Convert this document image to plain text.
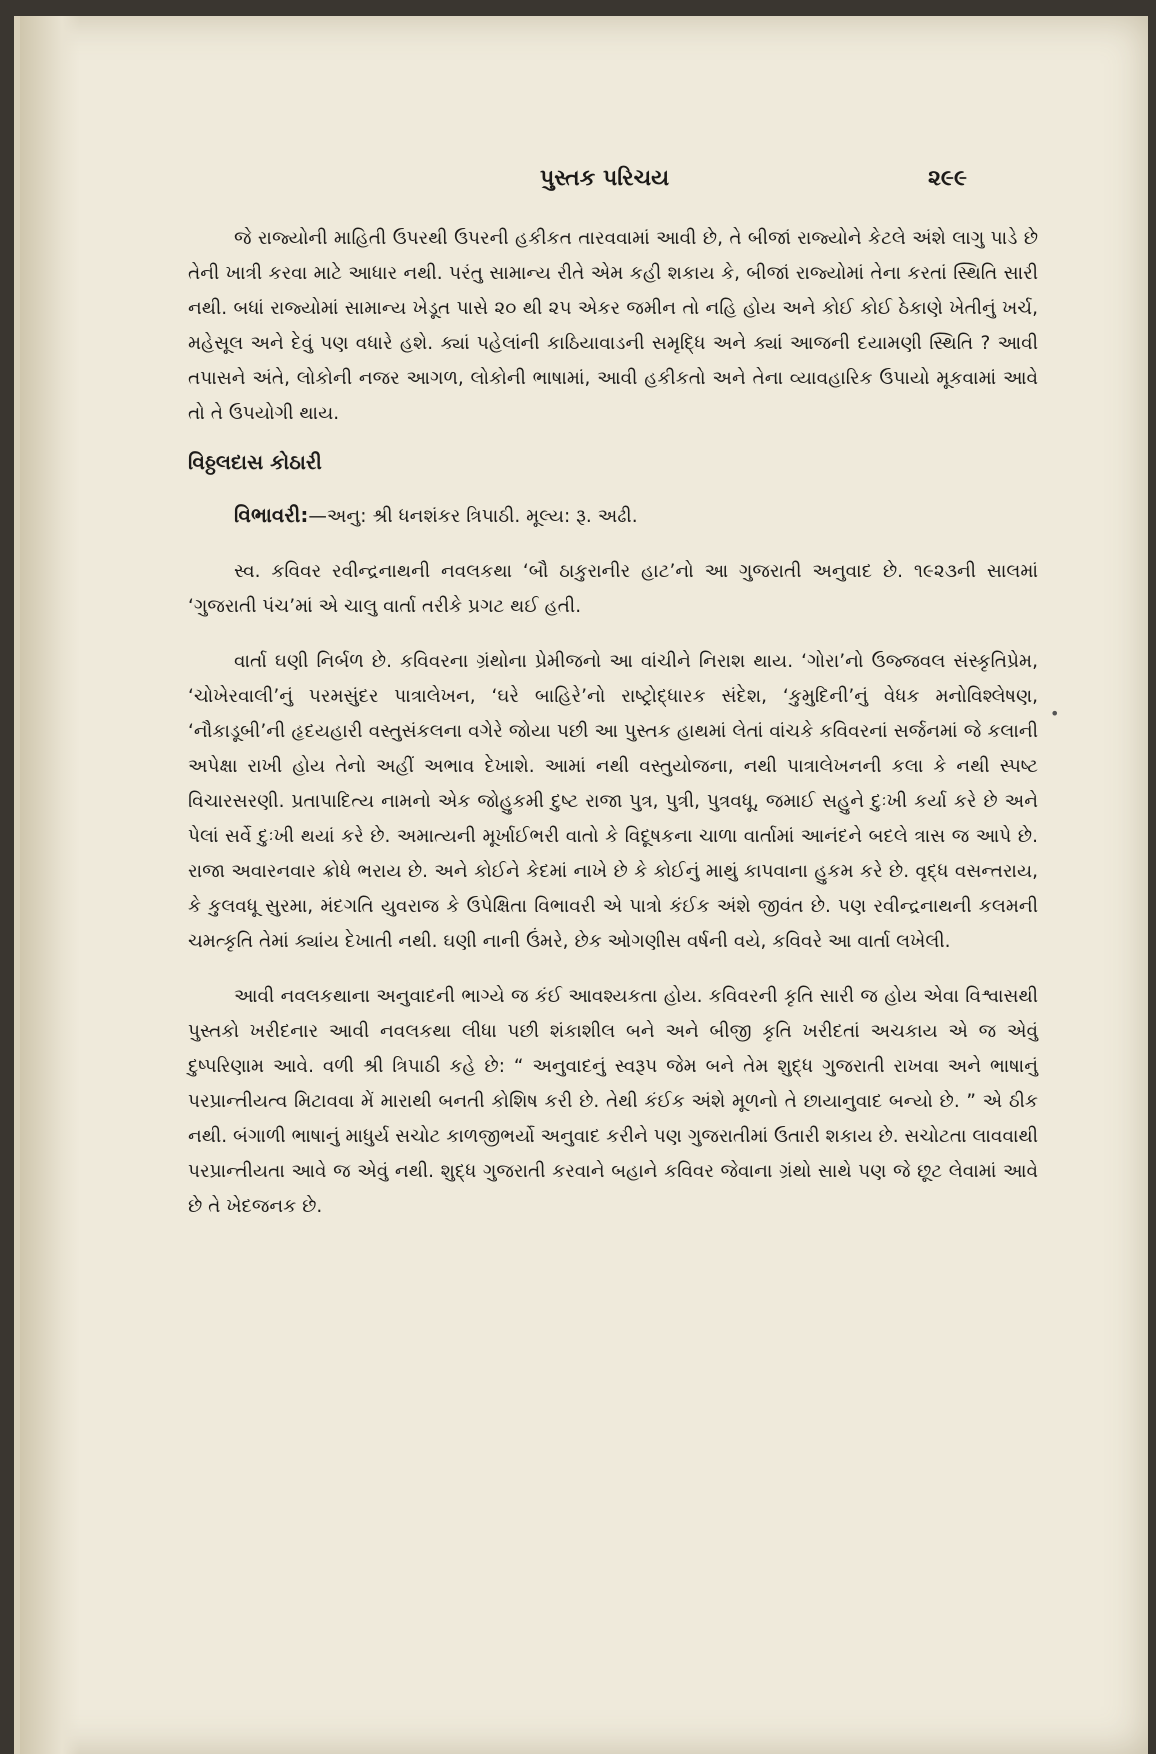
પુસ્તક પરિચય	૨૯૯

જે રાજ્યોની માહિતી ઉપરથી ઉપરની હકીકત તારવવામાં આવી છે, તે બીજાં રાજ્યોને કેટલે અંશે લાગુ પાડે છે તેની ખાત્રી કરવા માટે આધાર નથી. પરંતુ સામાન્ય રીતે એમ કહી શકાય કે, બીજાં રાજ્યોમાં તેના કરતાં સ્થિતિ સારી નથી. બધાં રાજ્યોમાં સામાન્ય ખેડૂત પાસે ૨૦ થી ૨૫ એકર જમીન તો નહિ હોય અને કોઈ કોઈ ઠેકાણે ખેતીનું ખર્ચ, મહેસૂલ અને દેવું પણ વધારે હશે. ક્યાં પહેલાંની કાઠિયાવાડની સમૃદ્ધિ અને ક્યાં આજની દયામણી સ્થિતિ ? આવી તપાસને અંતે, લોકોની નજર આગળ, લોકોની ભાષામાં, આવી હકીકતો અને તેના વ્યાવહારિક ઉપાયો મૂકવામાં આવે તો તે ઉપયોગી થાય.

વિઠ્ઠલદાસ કોઠારી

વિભાવરી:—અનુ: શ્રી ધનશંકર ત્રિપાઠી. મૂલ્ય: રૂ. અઢી.

સ્વ. કવિવર રવીન્દ્રનાથની નવલકથા ‘બૌ ઠાકુરાનીર હાટ’નો આ ગુજરાતી અનુવાદ છે. ૧૯૨૩ની સાલમાં ‘ગુજરાતી પંચ’માં એ ચાલુ વાર્તા તરીકે પ્રગટ થઈ હતી.

વાર્તા ઘણી નિર્બળ છે. કવિવરના ગ્રંથોના પ્રેમીજનો આ વાંચીને નિરાશ થાય. ‘ગોરા’નો ઉજ્જવલ સંસ્કૃતિપ્રેમ, ‘ચોખેરવાલી’નું પરમસુંદર પાત્રાલેખન, ‘ઘરે બાહિરે’નો રાષ્ટ્રોદ્ધારક સંદેશ, ‘કુમુદિની’નું વેધક મનોવિશ્લેષણ, ‘નૌકાડૂબી’ની હૃદયહારી વસ્તુસંકલના વગેરે જોયા પછી આ પુસ્તક હાથમાં લેતાં વાંચકે કવિવરનાં સર્જનમાં જે કલાની અપેક્ષા રાખી હોય તેનો અહીં અભાવ દેખાશે. આમાં નથી વસ્તુયોજના, નથી પાત્રાલેખનની કલા કે નથી સ્પષ્ટ વિચારસરણી. પ્રતાપાદિત્ય નામનો એક જોહુકમી દુષ્ટ રાજા પુત્ર, પુત્રી, પુત્રવધૂ, જમાઈ સહુને દુઃખી કર્યા કરે છે અને પેલાં સર્વે દુઃખી થયાં કરે છે. અમાત્યની મૂર્ખાઈભરી વાતો કે વિદૂષકના ચાળા વાર્તામાં આનંદને બદલે ત્રાસ જ આપે છે. રાજા અવારનવાર ક્રોધે ભરાય છે. અને કોઈને કેદમાં નાખે છે કે કોઈનું માથું કાપવાના હુકમ કરે છે. વૃદ્ધ વસન્તરાય, કે કુલવધૂ સુરમા, મંદગતિ યુવરાજ કે ઉપેક્ષિતા વિભાવરી એ પાત્રો કંઈક અંશે જીવંત છે. પણ રવીન્દ્રનાથની કલમની ચમત્કૃતિ તેમાં ક્યાંય દેખાતી નથી. ઘણી નાની ઉંમરે, છેક ઓગણીસ વર્ષની વયે, કવિવરે આ વાર્તા લખેલી.

આવી નવલકથાના અનુવાદની ભાગ્યે જ કંઈ આવશ્યકતા હોય. કવિવરની કૃતિ સારી જ હોય એવા વિશ્વાસથી પુસ્તકો ખરીદનાર આવી નવલકથા લીધા પછી શંકાશીલ બને અને બીજી કૃતિ ખરીદતાં અચકાય એ જ એવું દુષ્પરિણામ આવે. વળી શ્રી ત્રિપાઠી કહે છે: “ અનુવાદનું સ્વરૂપ જેમ બને તેમ શુદ્ધ ગુજરાતી રાખવા અને ભાષાનું પરપ્રાન્તીયત્વ મિટાવવા મેં મારાથી બનતી કોશિષ કરી છે. તેથી કંઈક અંશે મૂળનો તે છાયાનુવાદ બન્યો છે. ” એ ઠીક નથી. બંગાળી ભાષાનું માધુર્ય સચોટ કાળજીભર્યો અનુવાદ કરીને પણ ગુજરાતીમાં ઉતારી શકાય છે. સચોટતા લાવવાથી પરપ્રાન્તીયતા આવે જ એવું નથી. શુદ્ધ ગુજરાતી કરવાને બહાને કવિવર જેવાના ગ્રંથો સાથે પણ જે છૂટ લેવામાં આવે છે તે ખેદજનક છે.

•
